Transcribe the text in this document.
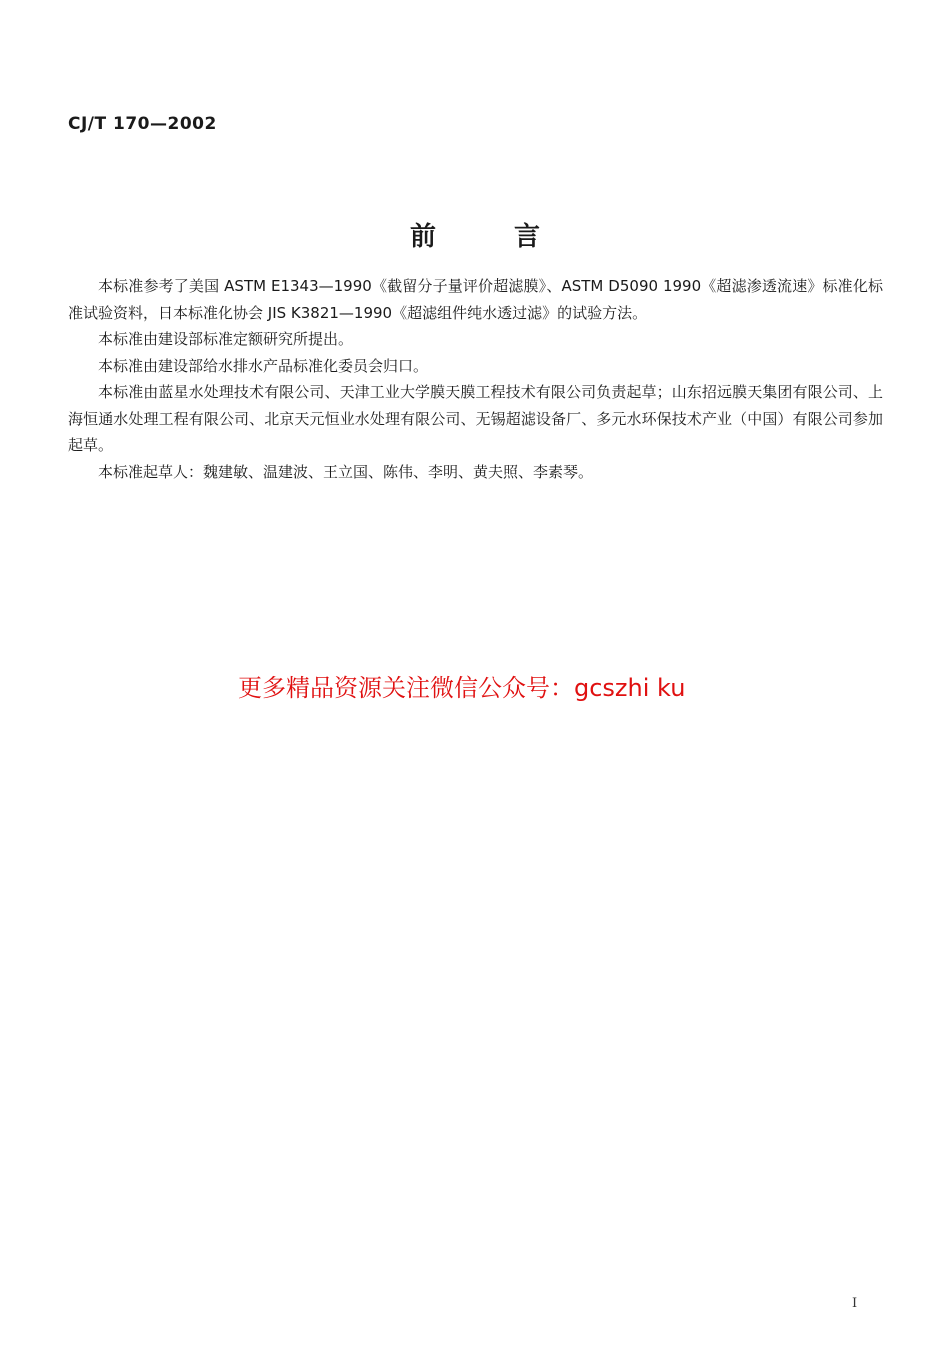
CJ/T 170—2002
前言

本标准参考了美国 ASTM E1343—1990《截留分子量评价超滤膜》、ASTM D5090 1990《超滤渗透流速》标准化标准试验资料，日本标准化协会 JIS K3821—1990《超滤组件纯水透过滤》的试验方法。

本标准由建设部标准定额研究所提出。

本标准由建设部给水排水产品标准化委员会归口。

本标准由蓝星水处理技术有限公司、天津工业大学膜天膜工程技术有限公司负责起草；山东招远膜天集团有限公司、上海恒通水处理工程有限公司、北京天元恒业水处理有限公司、无锡超滤设备厂、多元水环保技术产业（中国）有限公司参加起草。

本标准起草人：魏建敏、温建波、王立国、陈伟、李明、黄夫照、李素琴。

更多精品资源关注微信公众号：gcszhi ku
I
